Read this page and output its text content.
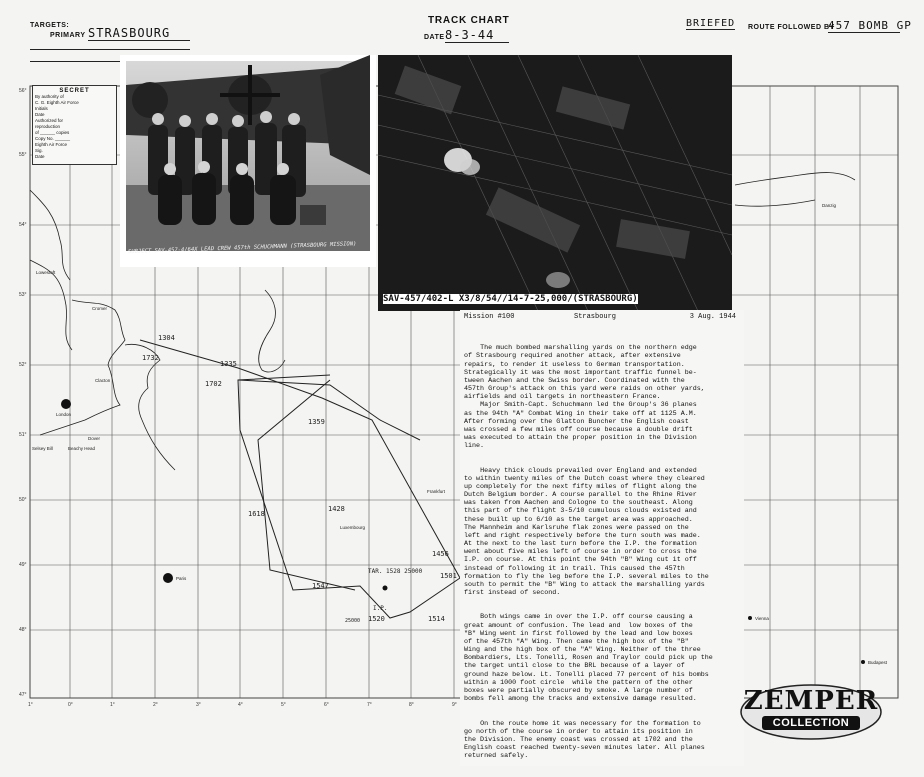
TARGETS:
PRIMARY STRASBOURG
TRACK CHART
DATE 8-3-44
BRIEFED ROUTE FOLLOWED BY
457 BOMB GP
56°
55°
54°
53°
52°
51°
50°
49°
48°
47°
1°	0°	1°	2°	3°	4°	5°	6°	7°	8°	9°
Lowestoft
Cromer
Clacton
Dover
London
Selsey Bill	Beachy Head
Paris
Frankfurt
Luxembourg
Vienna
Budapest
Danzig
1304
1732
1335
1702
1359
1618
1428
1456
1501
1514
1547
1520
TAR. 1528 25000
I.P.
25000
SECRET
By authority of
C. G. Eighth Air Force
Initials
Date
Authorized for
reproduction
of ______ copies
Copy No. ______
Eighth Air Force
Sig.
Date
SUBJECT SAV-457-4/64X LEAD CREW 457th SCHUCHMANN (STRASBOURG MISSION)
SAV-457/402-L X3/8/54//14-7-25,000/(STRASBOURG)
Mission #100	Strasbourg	3 Aug. 1944

The much bombed marshalling yards on the northern edge
of Strasbourg required another attack, after extensive
repairs, to render it useless to German transportation.
Strategically it was the most important traffic funnel be-
tween Aachen and the Swiss border. Coordinated with the
457th Group's attack on this yard were raids on other yards,
airfields and oil targets in northeastern France.
Major Smith-Capt. Schuchmann led the Group's 36 planes
as the 94th "A" Combat Wing in their take off at 1125 A.M.
After forming over the Glatton Buncher the English coast
was crossed a few miles off course because a double drift
was executed to attain the proper position in the Division
line.

Heavy thick clouds prevailed over England and extended
to within twenty miles of the Dutch coast where they cleared
up completely for the next fifty miles of flight along the
Dutch Belgium border. A course parallel to the Rhine River
was taken from Aachen and Cologne to the southeast. Along
this part of the flight 3-5/10 cumulous clouds existed and
these built up to 6/10 as the target area was approached.
The Mannheim and Karlsruhe flak zones were passed on the
left and right respectively before the turn south was made.
At the next to the last turn before the I.P. the formation
went about five miles left of course in order to cross the
I.P. on course. At this point the 94th "B" Wing cut it off
instead of following it in trail. This caused the 457th
formation to fly the leg before the I.P. several miles to the
south to permit the "B" Wing to attack the marshalling yards
first instead of second.

Both wings came in over the I.P. off course causing a
great amount of confusion. The lead and  low boxes of the
"B" Wing went in first followed by the lead and low boxes
of the 457th "A" Wing. Then came the high box of the "B"
Wing and the high box of the "A" Wing. Neither of the three
Bombardiers, Lts. Tonelli, Rosen and Traylor could pick up the
the target until close to the BRL because of a layer of
ground haze below. Lt. Tonelli placed 77 percent of his bombs
within a 1000 foot circle  while the pattern of the other
boxes were partially obscured by smoke. A large number of
bombs fell among the tracks and extensive damage resulted.

On the route home it was necessary for the formation to
go north of the course in order to attain its position in
the Division. The enemy coast was crossed at 1702 and the
English coast reached twenty-seven minutes later. All planes
returned safely.

ZEMPER
COLLECTION
